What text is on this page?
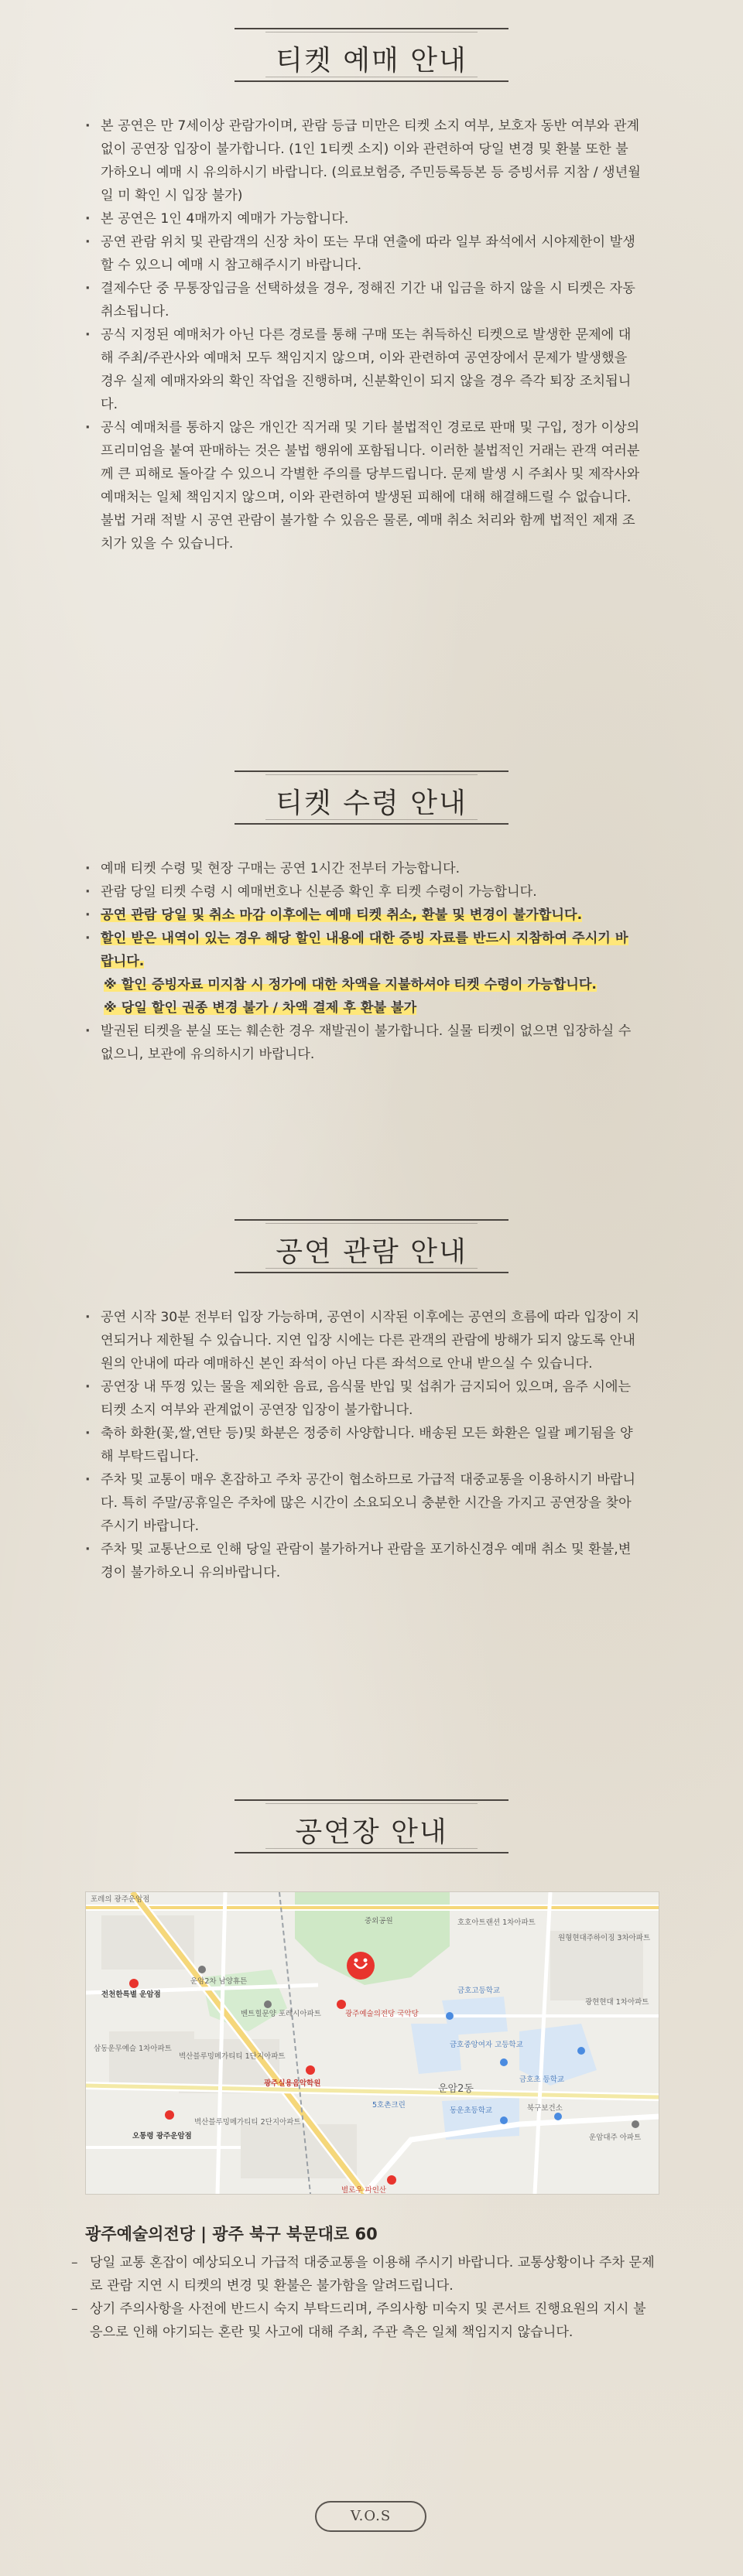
티켓 예매 안내
· 본 공연은 만 7세이상 관람가이며, 관람 등급 미만은 티켓 소지 여부, 보호자 동반 여부와 관계 없이 공연장 입장이 불가합니다. (1인 1티켓 소지) 이와 관련하여 당일 변경 및 환불 또한 불가하오니 예매 시 유의하시기 바랍니다. (의료보험증, 주민등록등본 등 증빙서류 지참 / 생년월일 미 확인 시 입장 불가)
· 본 공연은 1인 4매까지 예매가 가능합니다.
· 공연 관람 위치 및 관람객의 신장 차이 또는 무대 연출에 따라 일부 좌석에서 시야제한이 발생할 수 있으니 예매 시 참고해주시기 바랍니다.
· 결제수단 중 무통장입금을 선택하셨을 경우, 정해진 기간 내 입금을 하지 않을 시 티켓은 자동 취소됩니다.
· 공식 지정된 예매처가 아닌 다른 경로를 통해 구매 또는 취득하신 티켓으로 발생한 문제에 대해 주최/주관사와 예매처 모두 책임지지 않으며, 이와 관련하여 공연장에서 문제가 발생했을 경우 실제 예매자와의 확인 작업을 진행하며, 신분확인이 되지 않을 경우 즉각 퇴장 조치됩니다.
· 공식 예매처를 통하지 않은 개인간 직거래 및 기타 불법적인 경로로 판매 및 구입, 정가 이상의 프리미엄을 붙여 판매하는 것은 불법 행위에 포함됩니다. 이러한 불법적인 거래는 관객 여러분께 큰 피해로 돌아갈 수 있으니 각별한 주의를 당부드립니다. 문제 발생 시 주최사 및 제작사와 예매처는 일체 책임지지 않으며, 이와 관련하여 발생된 피해에 대해 해결해드릴 수 없습니다. 불법 거래 적발 시 공연 관람이 불가할 수 있음은 물론, 예매 취소 처리와 함께 법적인 제재 조치가 있을 수 있습니다.
티켓 수령 안내
· 예매 티켓 수령 및 현장 구매는 공연 1시간 전부터 가능합니다.
· 관람 당일 티켓 수령 시 예매번호나 신분증 확인 후 티켓 수령이 가능합니다.
· 공연 관람 당일 및 취소 마감 이후에는 예매 티켓 취소, 환불 및 변경이 불가합니다.
· 할인 받은 내역이 있는 경우 해당 할인 내용에 대한 증빙 자료를 반드시 지참하여 주시기 바랍니다.
※ 할인 증빙자료 미지참 시 정가에 대한 차액을 지불하셔야 티켓 수령이 가능합니다.
※ 당일 할인 권종 변경 불가 / 차액 결제 후 환불 불가
· 발권된 티켓을 분실 또는 훼손한 경우 재발권이 불가합니다. 실물 티켓이 없으면 입장하실 수 없으니, 보관에 유의하시기 바랍니다.
공연 관람 안내
· 공연 시작 30분 전부터 입장 가능하며, 공연이 시작된 이후에는 공연의 흐름에 따라 입장이 지연되거나 제한될 수 있습니다. 지연 입장 시에는 다른 관객의 관람에 방해가 되지 않도록 안내원의 안내에 따라 예매하신 본인 좌석이 아닌 다른 좌석으로 안내 받으실 수 있습니다.
· 공연장 내 뚜껑 있는 물을 제외한 음료, 음식물 반입 및 섭취가 금지되어 있으며, 음주 시에는 티켓 소지 여부와 관계없이 공연장 입장이 불가합니다.
· 축하 화환(꽃,쌀,연탄 등)및 화분은 정중히 사양합니다. 배송된 모든 화환은 일괄 폐기됨을 양해 부탁드립니다.
· 주차 및 교통이 매우 혼잡하고 주차 공간이 협소하므로 가급적 대중교통을 이용하시기 바랍니다. 특히 주말/공휴일은 주차에 많은 시간이 소요되오니 충분한 시간을 가지고 공연장을 찾아주시기 바랍니다.
· 주차 및 교통난으로 인해 당일 관람이 불가하거나 관람을 포기하신경우 예매 취소 및 환불,변경이 불가하오니 유의바랍니다.
공연장 안내
포레의 광주운암점
중외공원	호호아트랜션 1차아파트
원형현대주하이징 3차아파트
운암2차 남양휴튼
전천한특별 운암점
벤트힐문양 포레시아파트	광주예술의전당 국악당
금호고등학교
광현현대 1차아파트
삼동운무예슬 1차아파트
벽산블루밍메가티티 1단지아파트
금호중앙여자 고등학교
금호초 등학교
광주실용음악학원	운암2동
벽산블루밍메가티티 2단지아파트
5호촌크린
동운초등학교	북구보건소
오통령 광주운암점	운암대주 아파트
별로우 파인산

광주예술의전당 | 광주 북구 북문대로 60

– 당일 교통 혼잡이 예상되오니 가급적 대중교통을 이용해 주시기 바랍니다. 교통상황이나 주차 문제로 관람 지연 시 티켓의 변경 및 환불은 불가함을 알려드립니다.
– 상기 주의사항을 사전에 반드시 숙지 부탁드리며, 주의사항 미숙지 및 콘서트 진행요원의 지시 불응으로 인해 야기되는 혼란 및 사고에 대해 주최, 주관 측은 일체 책임지지 않습니다.
V.O.S
